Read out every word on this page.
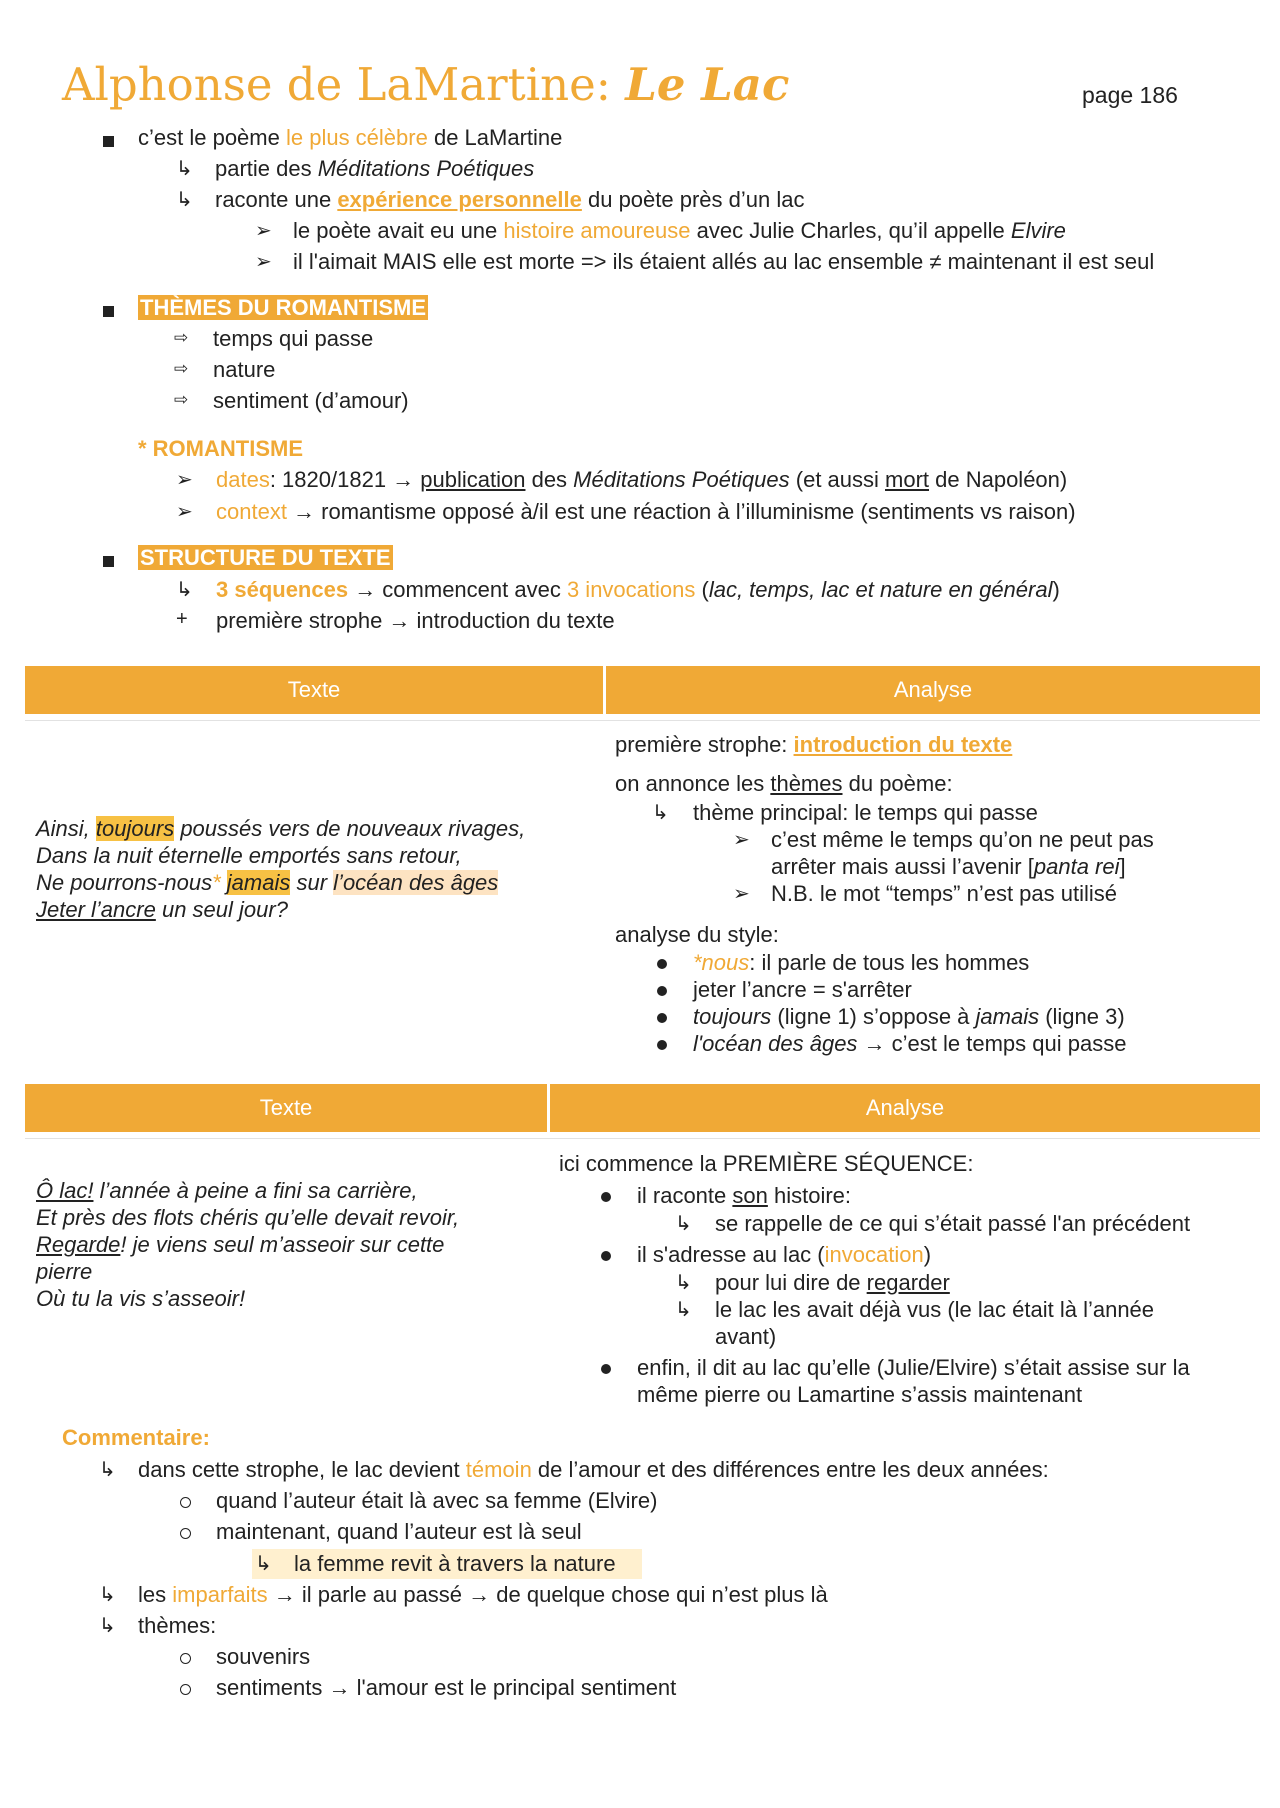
Alphonse de LaMartine: Le Lac	page 186
c’est le poème le plus célèbre de LaMartine
↳ partie des Méditations Poétiques
↳ raconte une expérience personnelle du poète près d’un lac
➢ le poète avait eu une histoire amoureuse avec Julie Charles, qu’il appelle Elvire
➢ il l'aimait MAIS elle est morte => ils étaient allés au lac ensemble ≠ maintenant il est seul
THÈMES DU ROMANTISME
⇨ temps qui passe
⇨ nature
⇨ sentiment (d’amour)
* ROMANTISME
➢ dates: 1820/1821 → publication des Méditations Poétiques (et aussi mort de Napoléon)
➢ context → romantisme opposé à/il est une réaction à l’illuminisme (sentiments vs raison)
STRUCTURE DU TEXTE
↳ 3 séquences → commencent avec 3 invocations (lac, temps, lac et nature en général)
+ première strophe → introduction du texte
Texte	Analyse
Ainsi, toujours poussés vers de nouveaux rivages,
Dans la nuit éternelle emportés sans retour,
Ne pourrons-nous* jamais sur l’océan des âges
Jeter l’ancre un seul jour?
première strophe: introduction du texte
on annonce les thèmes du poème:
↳ thème principal: le temps qui passe
➢ c’est même le temps qu’on ne peut pas
arrêter mais aussi l’avenir [panta rei]
➢ N.B. le mot “temps” n’est pas utilisé
analyse du style:
*nous: il parle de tous les hommes
jeter l’ancre = s'arrêter
toujours (ligne 1) s’oppose à jamais (ligne 3)
l'océan des âges → c’est le temps qui passe
Texte	Analyse
Ô lac! l’année à peine a fini sa carrière,
Et près des flots chéris qu’elle devait revoir,
Regarde! je viens seul m’asseoir sur cette
pierre
Où tu la vis s’asseoir!
ici commence la PREMIÈRE SÉQUENCE:
il raconte son histoire:
↳ se rappelle de ce qui s’était passé l'an précédent
il s'adresse au lac (invocation)
↳ pour lui dire de regarder
↳ le lac les avait déjà vus (le lac était là l’année
avant)
enfin, il dit au lac qu’elle (Julie/Elvire) s’était assise sur la
même pierre ou Lamartine s’assis maintenant
Commentaire:
↳ dans cette strophe, le lac devient témoin de l’amour et des différences entre les deux années:
quand l’auteur était là avec sa femme (Elvire)
maintenant, quand l’auteur est là seul
↳ la femme revit à travers la nature
↳ les imparfaits → il parle au passé → de quelque chose qui n’est plus là
↳ thèmes:
souvenirs
sentiments → l'amour est le principal sentiment
